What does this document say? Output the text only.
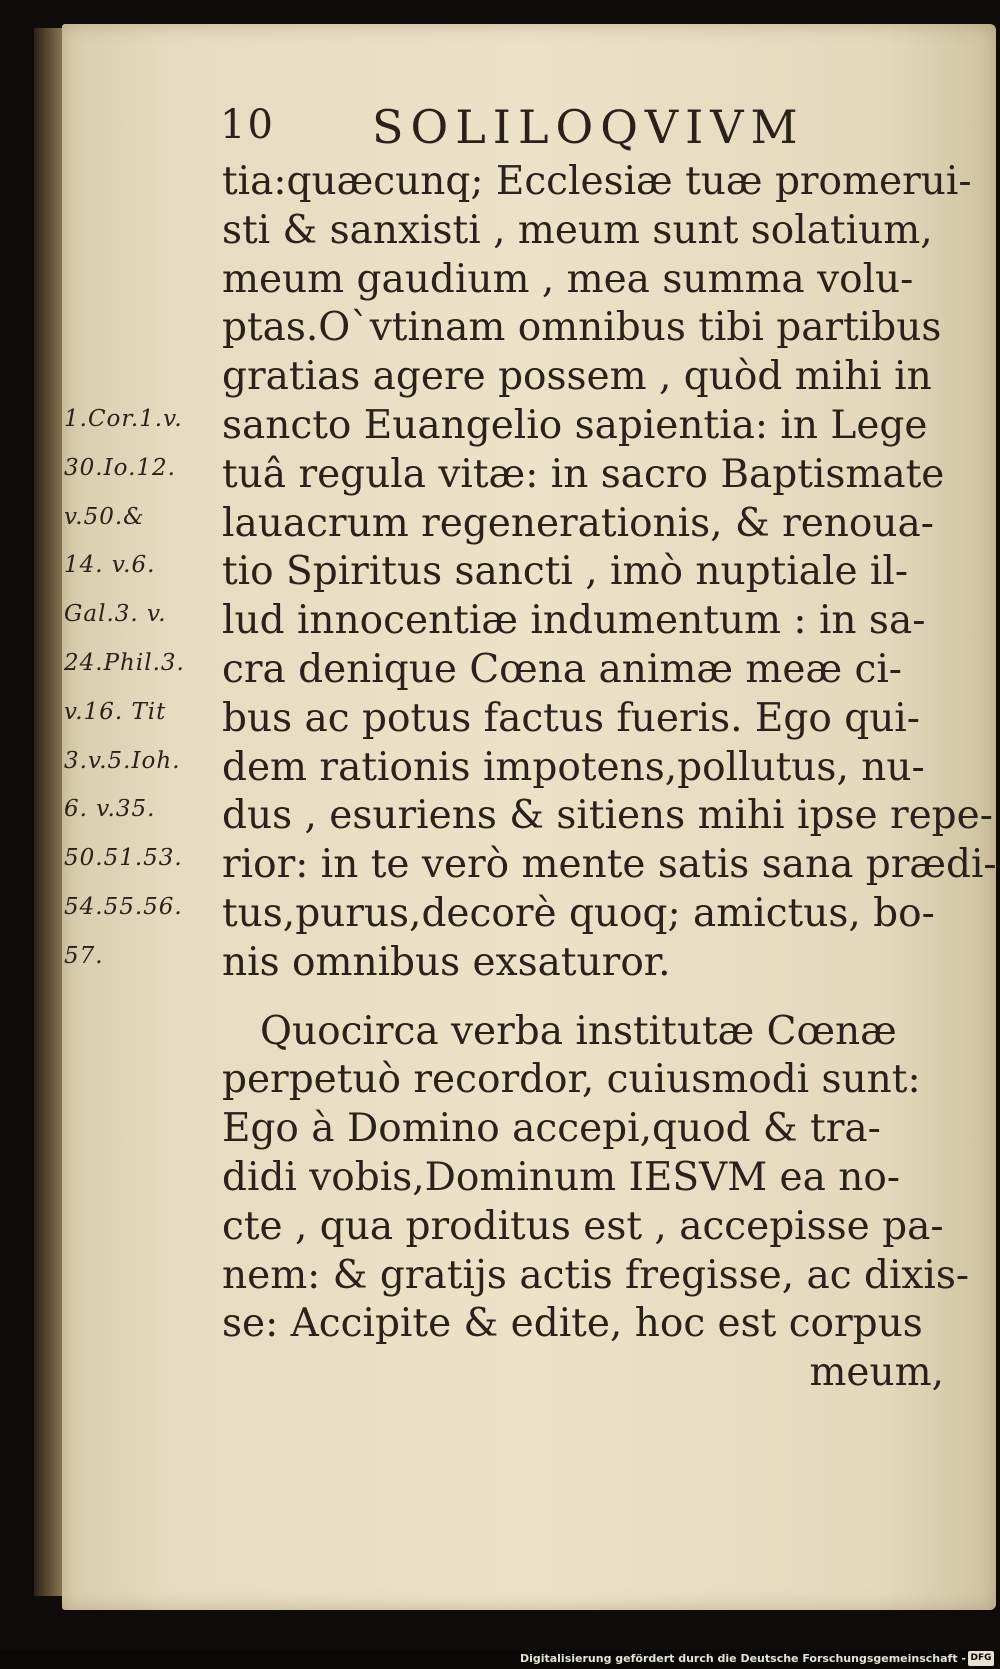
10 SOLILOQVIVM
1.Cor.1.v.
30.Io.12.
v.50.&
14. v.6.
Gal.3. v.
24.Phil.3.
v.16. Tit
3.v.5.Ioh.
6. v.35.
50.51.53.
54.55.56.
57.
tia:quæcunq; Ecclesiæ tuæ promerui-
sti & sanxisti , meum sunt solatium,
meum gaudium , mea summa volu-
ptas.O`vtinam omnibus tibi partibus
gratias agere possem , quòd mihi in
sancto Euangelio sapientia: in Lege
tuâ regula vitæ: in sacro Baptismate
lauacrum regenerationis, & renoua-
tio Spiritus sancti , imò nuptiale il-
lud innocentiæ indumentum : in sa-
cra denique Cœna animæ meæ ci-
bus ac potus factus fueris. Ego qui-
dem rationis impotens,pollutus, nu-
dus , esuriens & sitiens mihi ipse repe-
rior: in te verò mente satis sana prædi-
tus,purus,decorè quoq; amictus, bo-
nis omnibus exsaturor.
Quocirca verba institutæ Cœnæ
perpetuò recordor, cuiusmodi sunt:
Ego à Domino accepi,quod & tra-
didi vobis,Dominum IESVM ea no-
cte , qua proditus est , accepisse pa-
nem: & gratijs actis fregisse, ac dixis-
se: Accipite & edite, hoc est corpus
meum,
Digitalisierung gefördert durch die Deutsche Forschungsgemeinschaft - DFG
